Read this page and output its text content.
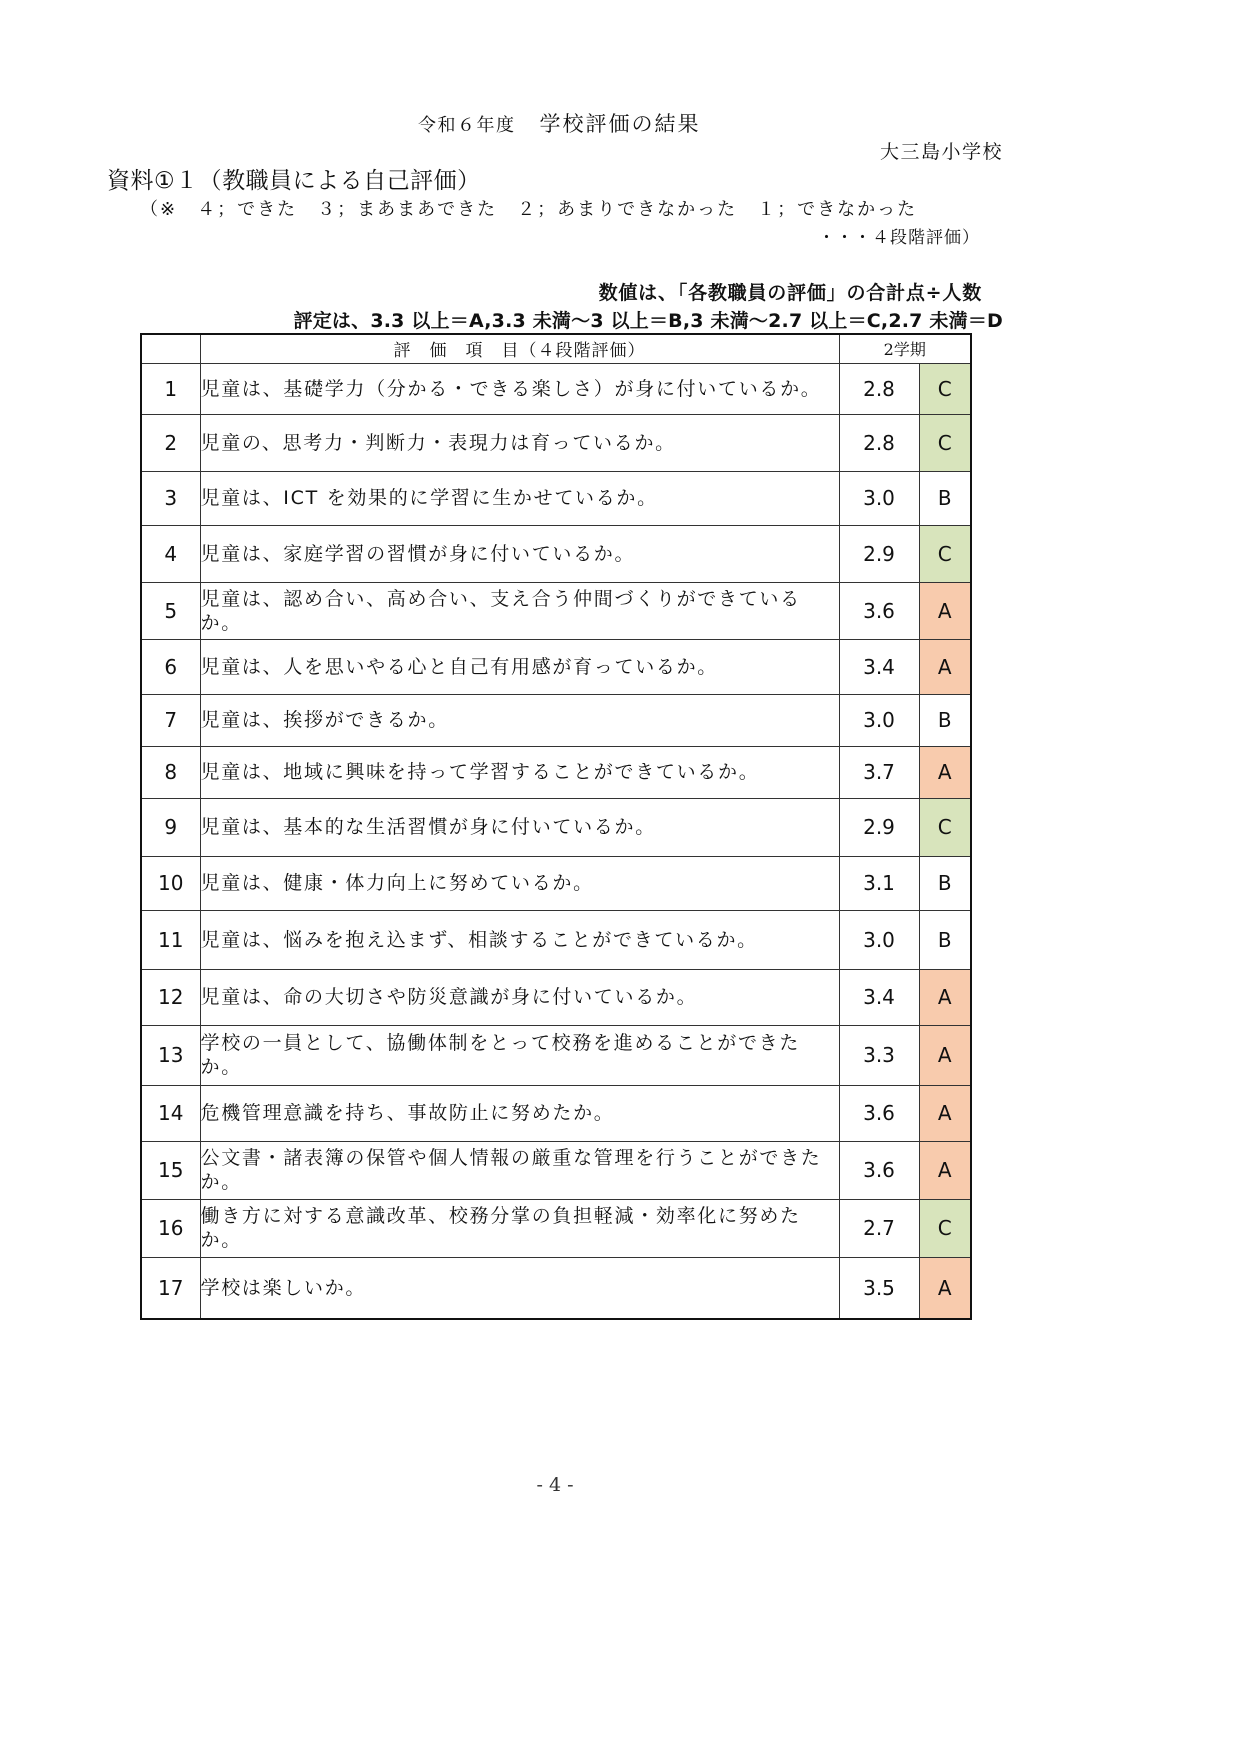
令和６年度 学校評価の結果
大三島小学校
資料①１（教職員による自己評価）
（※　４；できた　３；まあまあできた　２；あまりできなかった　１；できなかった
・・・４段階評価）
数値は、「各教職員の評価」の合計点÷人数
評定は、3.3 以上＝A,3.3 未満～3 以上＝B,3 未満～2.7 以上＝C,2.7 未満＝D
	評　価　項　目（４段階評価）	2学期	
1	児童は、基礎学力（分かる・できる楽しさ）が身に付いているか。	2.8	C
2	児童の、思考力・判断力・表現力は育っているか。	2.8	C
3	児童は、ICT を効果的に学習に生かせているか。	3.0	B
4	児童は、家庭学習の習慣が身に付いているか。	2.9	C
5	児童は、認め合い、高め合い、支え合う仲間づくりができているか。	3.6	A
6	児童は、人を思いやる心と自己有用感が育っているか。	3.4	A
7	児童は、挨拶ができるか。	3.0	B
8	児童は、地域に興味を持って学習することができているか。	3.7	A
9	児童は、基本的な生活習慣が身に付いているか。	2.9	C
10	児童は、健康・体力向上に努めているか。	3.1	B
11	児童は、悩みを抱え込まず、相談することができているか。	3.0	B
12	児童は、命の大切さや防災意識が身に付いているか。	3.4	A
13	学校の一員として、協働体制をとって校務を進めることができたか。	3.3	A
14	危機管理意識を持ち、事故防止に努めたか。	3.6	A
15	公文書・諸表簿の保管や個人情報の厳重な管理を行うことができたか。	3.6	A
16	働き方に対する意識改革、校務分掌の負担軽減・効率化に努めたか。	2.7	C
17	学校は楽しいか。	3.5	A
- 4 -
